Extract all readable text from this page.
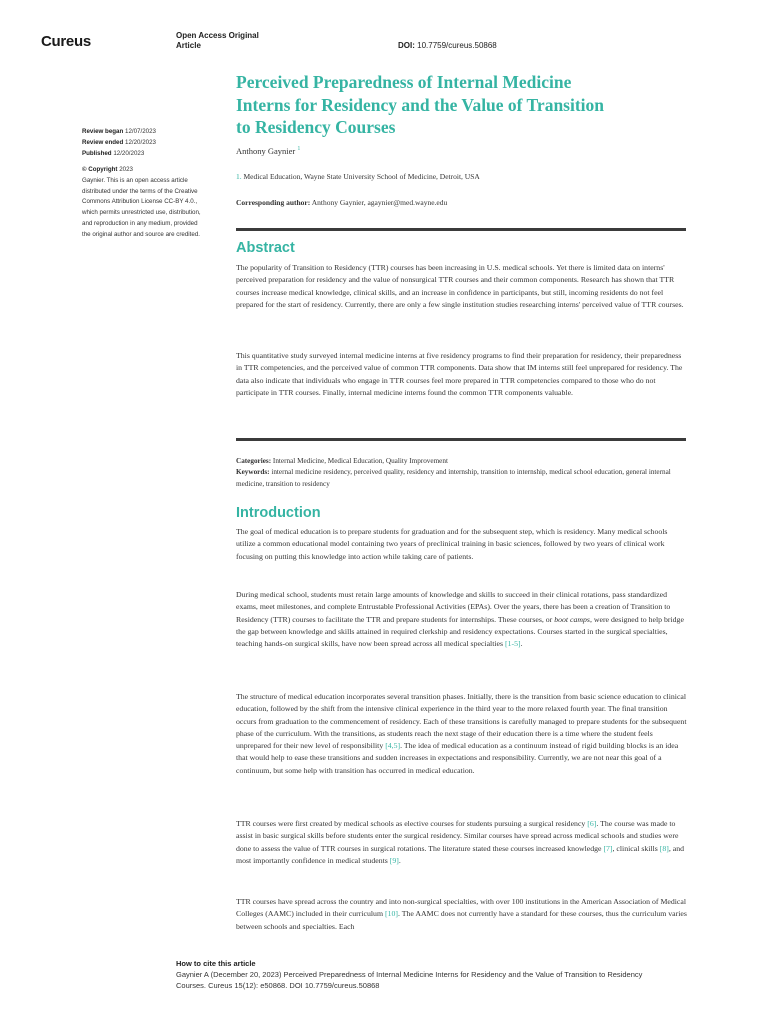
Cureus	Open Access Original
Article	DOI: 10.7759/cureus.50868
Perceived Preparedness of Internal Medicine
Interns for Residency and the Value of Transition
to Residency Courses
Anthony Gaynier $^1$
1. Medical Education, Wayne State University School of Medicine, Detroit, USA
Corresponding author: Anthony Gaynier, agaynier@med.wayne.edu
Review began 12/07/2023
Review ended 12/20/2023
Published 12/20/2023
© Copyright 2023
Gaynier. This is an open access article
distributed under the terms of the Creative
Commons Attribution License CC-BY 4.0.,
which permits unrestricted use, distribution,
and reproduction in any medium, provided
the original author and source are credited.
Abstract
The popularity of Transition to Residency (TTR) courses has been increasing in U.S. medical schools. Yet there is limited data on interns' perceived preparation for residency and the value of nonsurgical TTR courses and their common components. Research has shown that TTR courses increase medical knowledge, clinical skills, and an increase in confidence in participants, but still, incoming residents do not feel prepared for the start of residency. Currently, there are only a few single institution studies researching interns' perceived value of TTR courses.
This quantitative study surveyed internal medicine interns at five residency programs to find their preparation for residency, their preparedness in TTR competencies, and the perceived value of common TTR components. Data show that IM interns still feel unprepared for residency. The data also indicate that individuals who engage in TTR courses feel more prepared in TTR competencies compared to those who do not participate in TTR courses. Finally, internal medicine interns found the common TTR components valuable.
Categories: Internal Medicine, Medical Education, Quality Improvement
Keywords: internal medicine residency, perceived quality, residency and internship, transition to internship, medical school education, general internal medicine, transition to residency
Introduction
The goal of medical education is to prepare students for graduation and for the subsequent step, which is residency. Many medical schools utilize a common educational model containing two years of preclinical training in basic sciences, followed by two years of clinical work focusing on putting this knowledge into action while taking care of patients.
During medical school, students must retain large amounts of knowledge and skills to succeed in their clinical rotations, pass standardized exams, meet milestones, and complete Entrustable Professional Activities (EPAs). Over the years, there has been a creation of Transition to Residency (TTR) courses to facilitate the TTR and prepare students for internships. These courses, or boot camps, were designed to help bridge the gap between knowledge and skills attained in required clerkship and residency expectations. Courses started in the surgical specialties, teaching hands-on surgical skills, have now been spread across all medical specialties [1-5].
The structure of medical education incorporates several transition phases. Initially, there is the transition from basic science education to clinical education, followed by the shift from the intensive clinical experience in the third year to the more relaxed fourth year. The final transition occurs from graduation to the commencement of residency. Each of these transitions is carefully managed to prepare students for the subsequent phase of the curriculum. With the transitions, as students reach the next stage of their education there is a time where the student feels unprepared for their new level of responsibility [4,5]. The idea of medical education as a continuum instead of rigid building blocks is an idea that would help to ease these transitions and sudden increases in expectations and responsibility. Currently, we are not near this goal of a continuum, but some help with transition has occurred in medical education.
TTR courses were first created by medical schools as elective courses for students pursuing a surgical residency [6]. The course was made to assist in basic surgical skills before students enter the surgical residency. Similar courses have spread across medical schools and studies were done to assess the value of TTR courses in surgical rotations. The literature stated these courses increased knowledge [7], clinical skills [8], and most importantly confidence in medical students [9].
TTR courses have spread across the country and into non-surgical specialties, with over 100 institutions in the American Association of Medical Colleges (AAMC) included in their curriculum [10]. The AAMC does not currently have a standard for these courses, thus the curriculum varies between schools and specialties. Each
How to cite this article
Gaynier A (December 20, 2023) Perceived Preparedness of Internal Medicine Interns for Residency and the Value of Transition to Residency
Courses. Cureus 15(12): e50868. DOI 10.7759/cureus.50868
